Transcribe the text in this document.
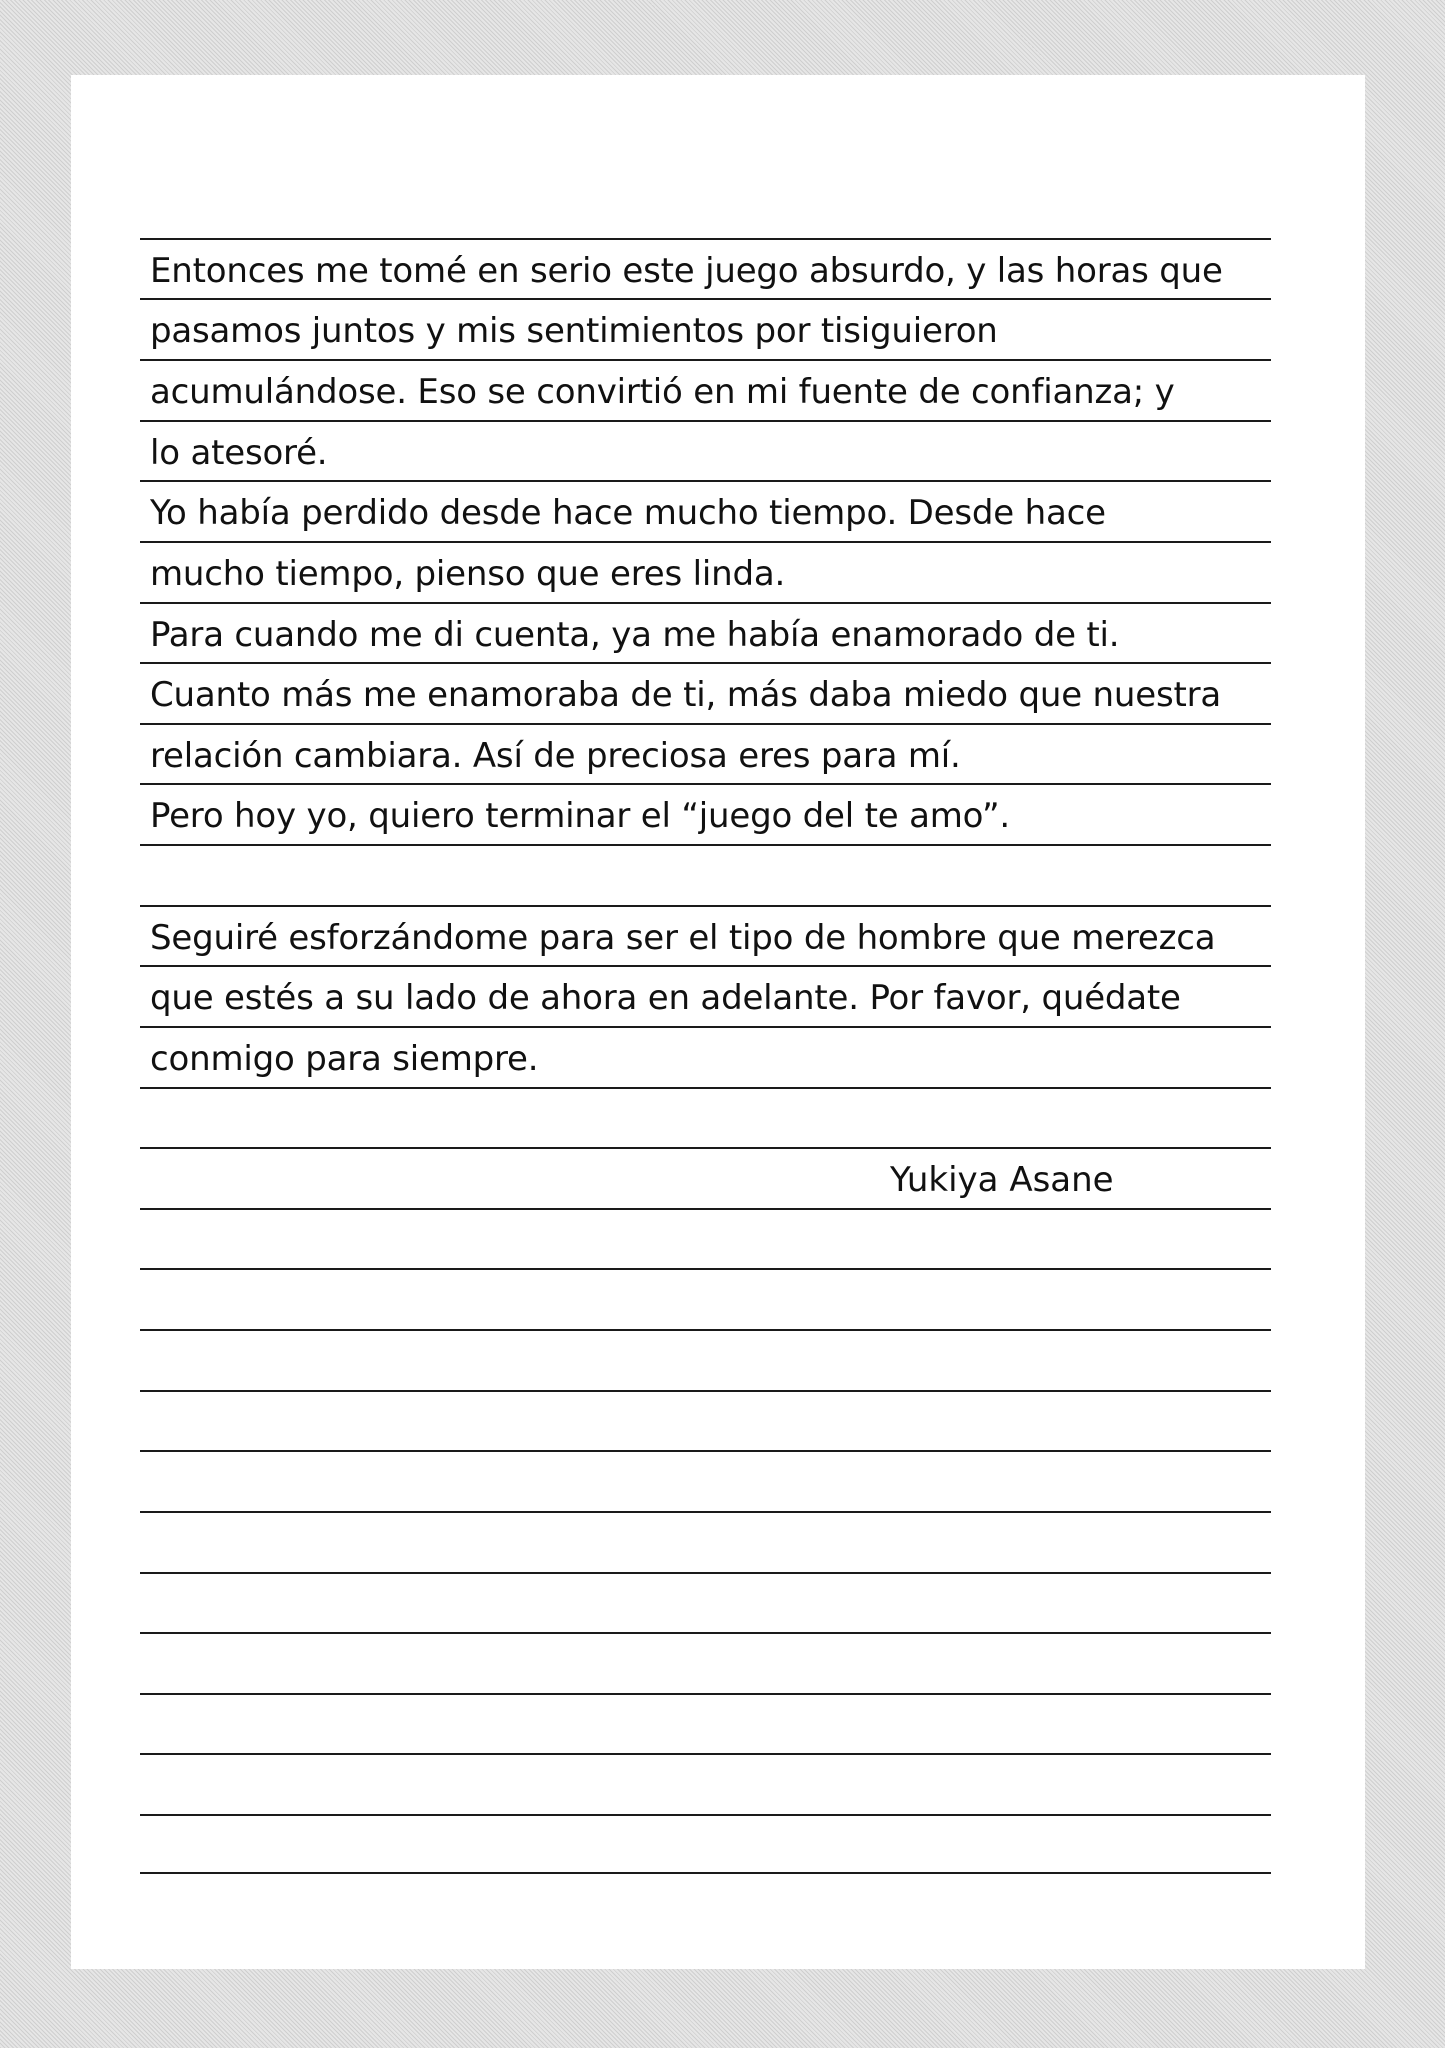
Entonces me tomé en serio este juego absurdo, y las horas que
pasamos juntos y mis sentimientos por tisiguieron
acumulándose. Eso se convirtió en mi fuente de confianza; y
lo atesoré.
Yo había perdido desde hace mucho tiempo. Desde hace
mucho tiempo, pienso que eres linda.
Para cuando me di cuenta, ya me había enamorado de ti.
Cuanto más me enamoraba de ti, más daba miedo que nuestra
relación cambiara. Así de preciosa eres para mí.
Pero hoy yo, quiero terminar el “juego del te amo”.
Seguiré esforzándome para ser el tipo de hombre que merezca
que estés a su lado de ahora en adelante. Por favor, quédate
conmigo para siempre.
Yukiya Asane
